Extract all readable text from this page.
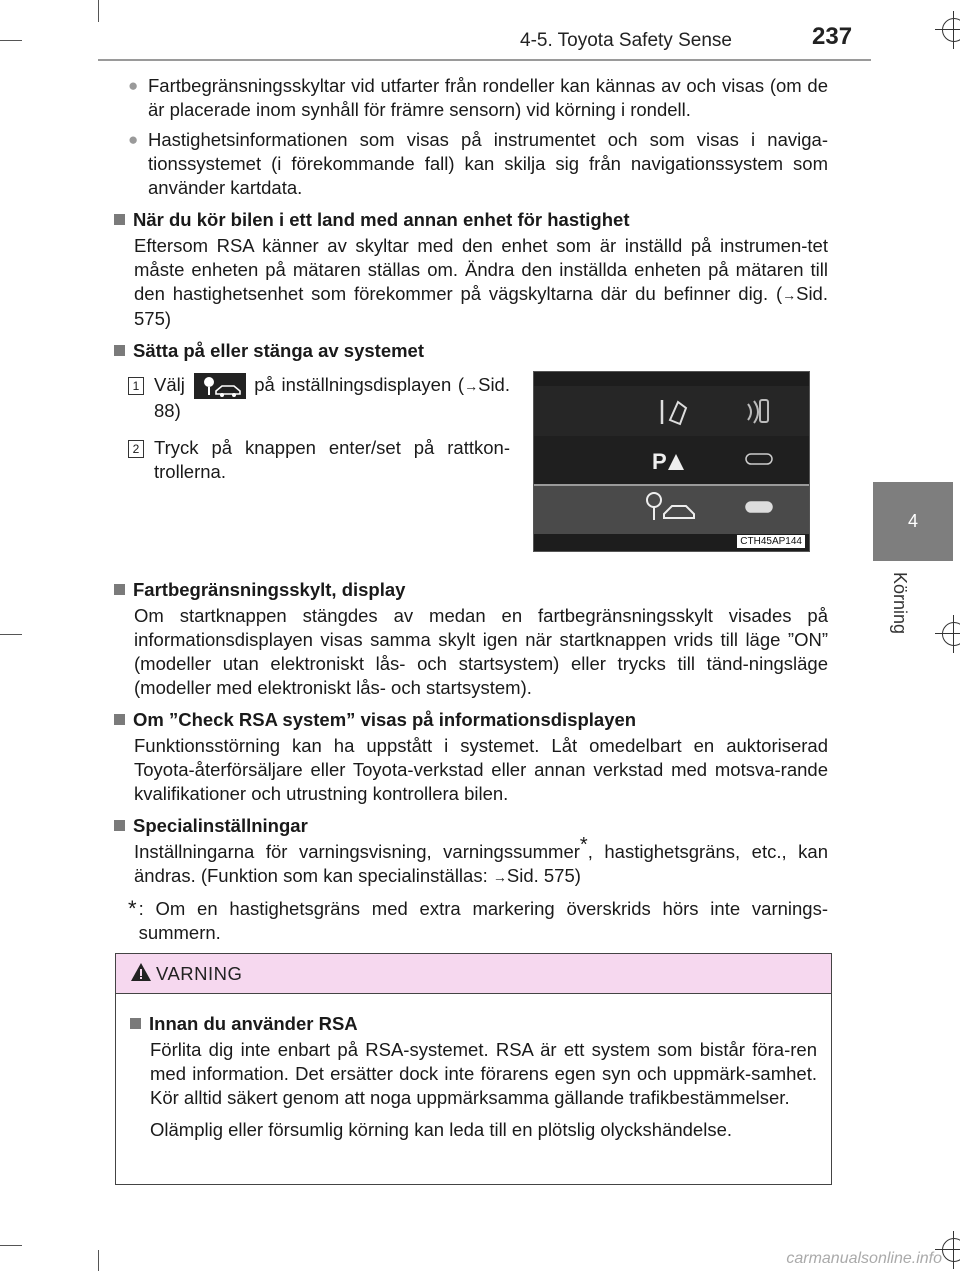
4-5. Toyota Safety Sense	237
4
Körning
● Fartbegränsningsskyltar vid utfarter från rondeller kan kännas av och visas (om de är placerade inom synhåll för främre sensorn) vid körning i rondell.
● Hastighetsinformationen som visas på instrumentet och som visas i naviga-tionssystemet (i förekommande fall) kan skilja sig från navigationssystem som använder kartdata.
När du kör bilen i ett land med annan enhet för hastighet
Eftersom RSA känner av skyltar med den enhet som är inställd på instrumen-tet måste enheten på mätaren ställas om. Ändra den inställda enheten på mätaren till den hastighetsenhet som förekommer på vägskyltarna där du befinner dig. (→Sid. 575)
Sätta på eller stänga av systemet
1 Välj	på inställningsdisplayen (→Sid. 88)
2 Tryck på knappen enter/set på rattkon-trollerna.	P
CTH45AP144
Fartbegränsningsskylt, display
Om startknappen stängdes av medan en fartbegränsningsskylt visades på informationsdisplayen visas samma skylt igen när startknappen vrids till läge ”ON” (modeller utan elektroniskt lås- och startsystem) eller trycks till tänd-ningsläge (modeller med elektroniskt lås- och startsystem).
Om ”Check RSA system” visas på informationsdisplayen
Funktionsstörning kan ha uppstått i systemet. Låt omedelbart en auktoriserad Toyota-återförsäljare eller Toyota-verkstad eller annan verkstad med motsva-rande kvalifikationer och utrustning kontrollera bilen.
Specialinställningar
Inställningarna för varningsvisning, varningssummer*, hastighetsgräns, etc., kan ändras. (Funktion som kan specialinställas: →Sid. 575)
* : Om en hastighetsgräns med extra markering överskrids hörs inte varnings-summern.
VARNING
Innan du använder RSA
Förlita dig inte enbart på RSA-systemet. RSA är ett system som bistår föra-ren med information. Det ersätter dock inte förarens egen syn och uppmärk-samhet. Kör alltid säkert genom att noga uppmärksamma gällande trafikbestämmelser.
Olämplig eller försumlig körning kan leda till en plötslig olyckshändelse.
carmanualsonline.info
